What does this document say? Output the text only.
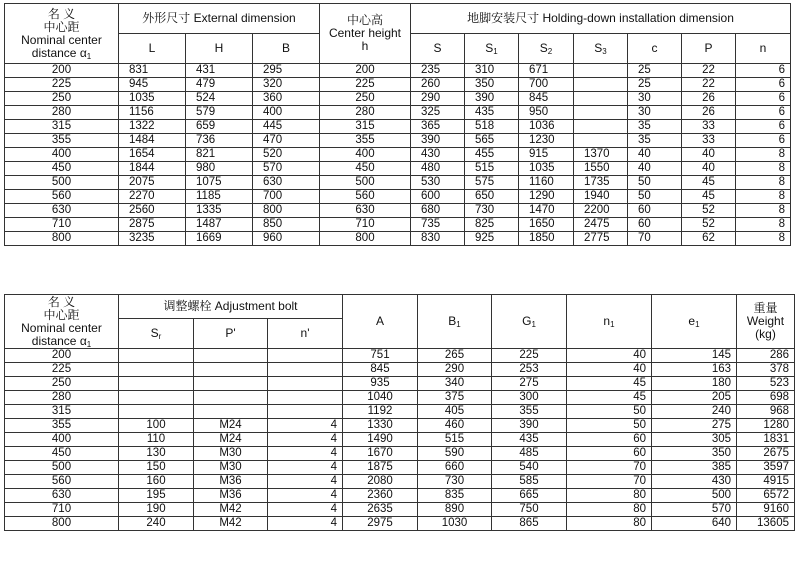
名 义
中心距
Nominal center
distance $\alpha_1$	外形尺寸 External dimension			中心高
Center height
h	地脚安装尺寸 Holding-down installation dimension						
	L	H	B		S	$S_1$	$S_2$	$S_3$	c	P	n
200	831	431	295	200	235	310	671		25	22	6
225	945	479	320	225	260	350	700		25	22	6
250	1035	524	360	250	290	390	845		30	26	6
280	1156	579	400	280	325	435	950		30	26	6
315	1322	659	445	315	365	518	1036		35	33	6
355	1484	736	470	355	390	565	1230		35	33	6
400	1654	821	520	400	430	455	915	1370	40	40	8
450	1844	980	570	450	480	515	1035	1550	40	40	8
500	2075	1075	630	500	530	575	1160	1735	50	45	8
560	2270	1185	700	560	600	650	1290	1940	50	45	8
630	2560	1335	800	630	680	730	1470	2200	60	52	8
710	2875	1487	850	710	735	825	1650	2475	60	52	8
800	3235	1669	960	800	830	925	1850	2775	70	62	8
名 义
中心距
Nominal center
distance $\alpha_1$	调整螺栓 Adjustment bolt			A	$B_1$	$G_1$	$n_1$	$e_1$	重量
Weight
(kg)

	$S_r$	P'	n'						
200				751	265	225	40	145	286
225				845	290	253	40	163	378
250				935	340	275	45	180	523
280				1040	375	300	45	205	698
315				1192	405	355	50	240	968
355	100	M24	4	1330	460	390	50	275	1280
400	110	M24	4	1490	515	435	60	305	1831
450	130	M30	4	1670	590	485	60	350	2675
500	150	M30	4	1875	660	540	70	385	3597
560	160	M36	4	2080	730	585	70	430	4915
630	195	M36	4	2360	835	665	80	500	6572
710	190	M42	4	2635	890	750	80	570	9160
800	240	M42	4	2975	1030	865	80	640	13605
